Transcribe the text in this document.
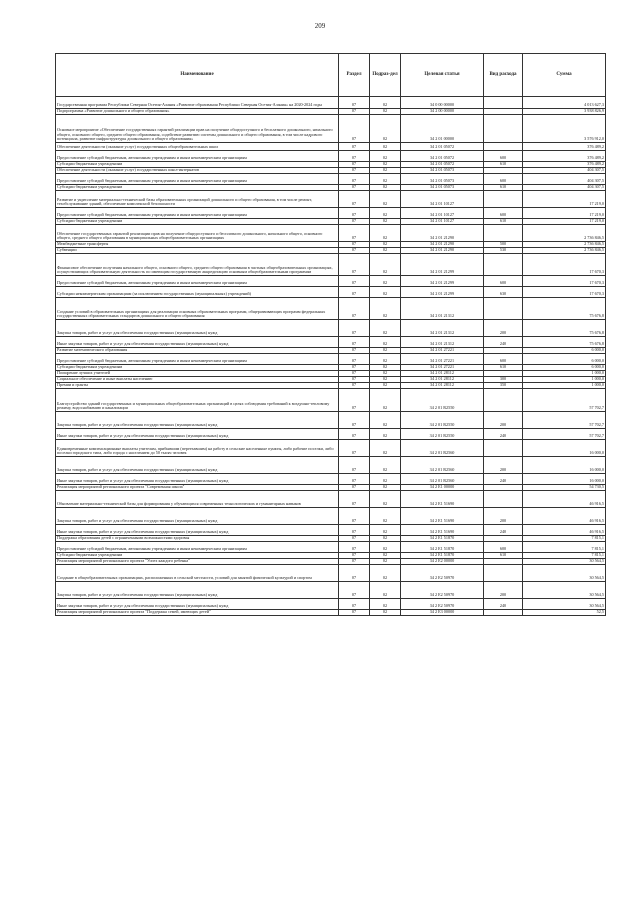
209
Наименование	Раздел	Подраз-дел	Целевая статья	Вид расхода	Сумма
Государственная программа Республики Северная Осетия-Алания «Развитие образования Республики Северная Осетия-Алания» на 2020-2024 годы	07	02	34 0 00 00000		4 013 627,3
Подпрограмма «Развитие дошкольного и общего образования»	07	02	34 2 00 00000		3 938 826,9
Основное мероприятие «Обеспечение государственных гарантий реализации прав на получение общедоступного и бесплатного дошкольного, начального общего, основного общего, среднего общего образования, содействие развитию системы дошкольного и общего образования, в том числе кадрового потенциала, развитие инфраструктуры дошкольного и общего образования»	07	02	34 2 01 00000		3 576 912,0
Обеспечение деятельности (оказание услуг) государственных общеобразовательных школ	07	02	34 2 01 05072		376 489,2
Предоставление субсидий бюджетным, автономным учреждениям и иным некоммерческим организациям	07	02	34 2 01 05072	600	376 489,2
Субсидии бюджетным учреждениям	07	02	34 2 01 05072	610	376 489,2
Обеспечение деятельности (оказание услуг) государственных школ-интернатов	07	02	34 2 01 05073		404 307,5
Предоставление субсидий бюджетным, автономным учреждениям и иным некоммерческим организациям	07	02	34 2 01 05073	600	404 307,5
Субсидии бюджетным учреждениям	07	02	34 2 01 05073	610	404 307,5
Развитие и укрепление материально-технической базы образовательных организаций дошкольного и общего образования, в том числе ремонт, техобслуживание зданий, обеспечение комплексной безопасности	07	02	34 2 01 10127		17 219,0
Предоставление субсидий бюджетным, автономным учреждениям и иным некоммерческим организациям	07	02	34 2 01 10127	600	17 219,0
Субсидии бюджетным учреждениям	07	02	34 2 01 10127	610	17 219,0
Обеспечение государственных гарантий реализации прав на получение общедоступного и бесплатного дошкольного, начального общего, основного общего, среднего общего образования в муниципальных общеобразовательных организациях	07	02	34 2 01 21290		2 736 846,5
Межбюджетные трансферты	07	02	34 2 01 21290	500	2 736 846,5
Субвенции	07	02	34 2 01 21290	530	2 736 846,5
Финансовое обеспечение получения начального общего, основного общего, среднего общего образования в частных общеобразовательных организациях, осуществляющих образовательную деятельность по имеющим государственную аккредитацию основным общеобразовательным программам	07	02	34 2 01 21299		17 670,3
Предоставление субсидий бюджетным, автономным учреждениям и иным некоммерческим организациям	07	02	34 2 01 21299	600	17 670,3
Субсидии некоммерческим организациям (за исключением государственных (муниципальных) учреждений)	07	02	34 2 01 21299	630	17 670,3
Создание условий в образовательных организациях для реализации основных образовательных программ, общеразвивающих программ федеральных государственных образовательных стандартов дошкольного и общего образования	07	02	34 2 01 21312		75 676,8
Закупка товаров, работ и услуг для обеспечения государственных (муниципальных) нужд	07	02	34 2 01 21312	200	75 676,8
Иные закупки товаров, работ и услуг для обеспечения государственных (муниципальных) нужд	07	02	34 2 01 21312	240	75 676,8
Развитие математического образования	07	02	34 2 01 27221		6 000,0
Предоставление субсидий бюджетным, автономным учреждениям и иным некоммерческим организациям	07	02	34 2 01 27221	600	6 000,0
Субсидии бюджетным учреждениям	07	02	34 2 01 27221	610	6 000,0
Поощрение лучших учителей	07	02	34 2 01 28112		1 000,0
Социальное обеспечение и иные выплаты населению	07	02	34 2 01 28112	300	1 000,0
Премии и гранты	07	02	34 2 01 28112	350	1 000,0
Благоустройство зданий государственных и муниципальных общеобразовательных организаций в целях соблюдения требований к воздушно-тепловому режиму, водоснабжению и канализации	07	02	34 2 01 R2550		57 702,7
Закупка товаров, работ и услуг для обеспечения государственных (муниципальных) нужд	07	02	34 2 01 R2550	200	57 702,7
Иные закупки товаров, работ и услуг для обеспечения государственных (муниципальных) нужд	07	02	34 2 01 R2550	240	57 702,7
Единовременные компенсационные выплаты учителям, прибывшим (переехавшим) на работу в сельские населенные пункты, либо рабочие поселки, либо поселки городского типа, либо города с населением до 50 тысяч человек	07	02	34 2 01 R2560		16 000,0
Закупка товаров, работ и услуг для обеспечения государственных (муниципальных) нужд	07	02	34 2 01 R2560	200	16 000,0
Иные закупки товаров, работ и услуг для обеспечения государственных (муниципальных) нужд	07	02	34 2 01 R2560	240	16 000,0
Реализация мероприятий регионального проекта "Современная школа"	07	02	34 2 E1 00000		54 730,5
Обновление материально-технической базы для формирования у обучающихся современных технологических и гуманитарных навыков	07	02	34 2 E1 51690		46 916,5
Закупка товаров, работ и услуг для обеспечения государственных (муниципальных) нужд	07	02	34 2 E1 51690	200	46 916,5
Иные закупки товаров, работ и услуг для обеспечения государственных (муниципальных) нужд	07	02	34 2 E1 51690	240	46 916,5
Поддержка образования детей с ограниченными возможностями здоровья	07	02	34 2 E1 51870		7 815,1
Предоставление субсидий бюджетным, автономным учреждениям и иным некоммерческим организациям	07	02	34 2 E1 51870	600	7 815,1
Субсидии бюджетным учреждениям	07	02	34 2 E1 51870	610	7 815,1
Реализация мероприятий регионального проекта "Успех каждого ребенка"	07	02	34 2 E2 00000		30 564,5
Создание в общеобразовательных организациях, расположенных в сельской местности, условий для занятий физической культурой и спортом	07	02	34 2 E2 50970		30 564,5
Закупка товаров, работ и услуг для обеспечения государственных (муниципальных) нужд	07	02	34 2 E2 50970	200	30 564,5
Иные закупки товаров, работ и услуг для обеспечения государственных (муниципальных) нужд	07	02	34 2 E2 50970	240	30 564,5
Реализация мероприятий регионального проекта "Поддержка семей, имеющих детей"	07	02	34 2 E3 00000		52,5
